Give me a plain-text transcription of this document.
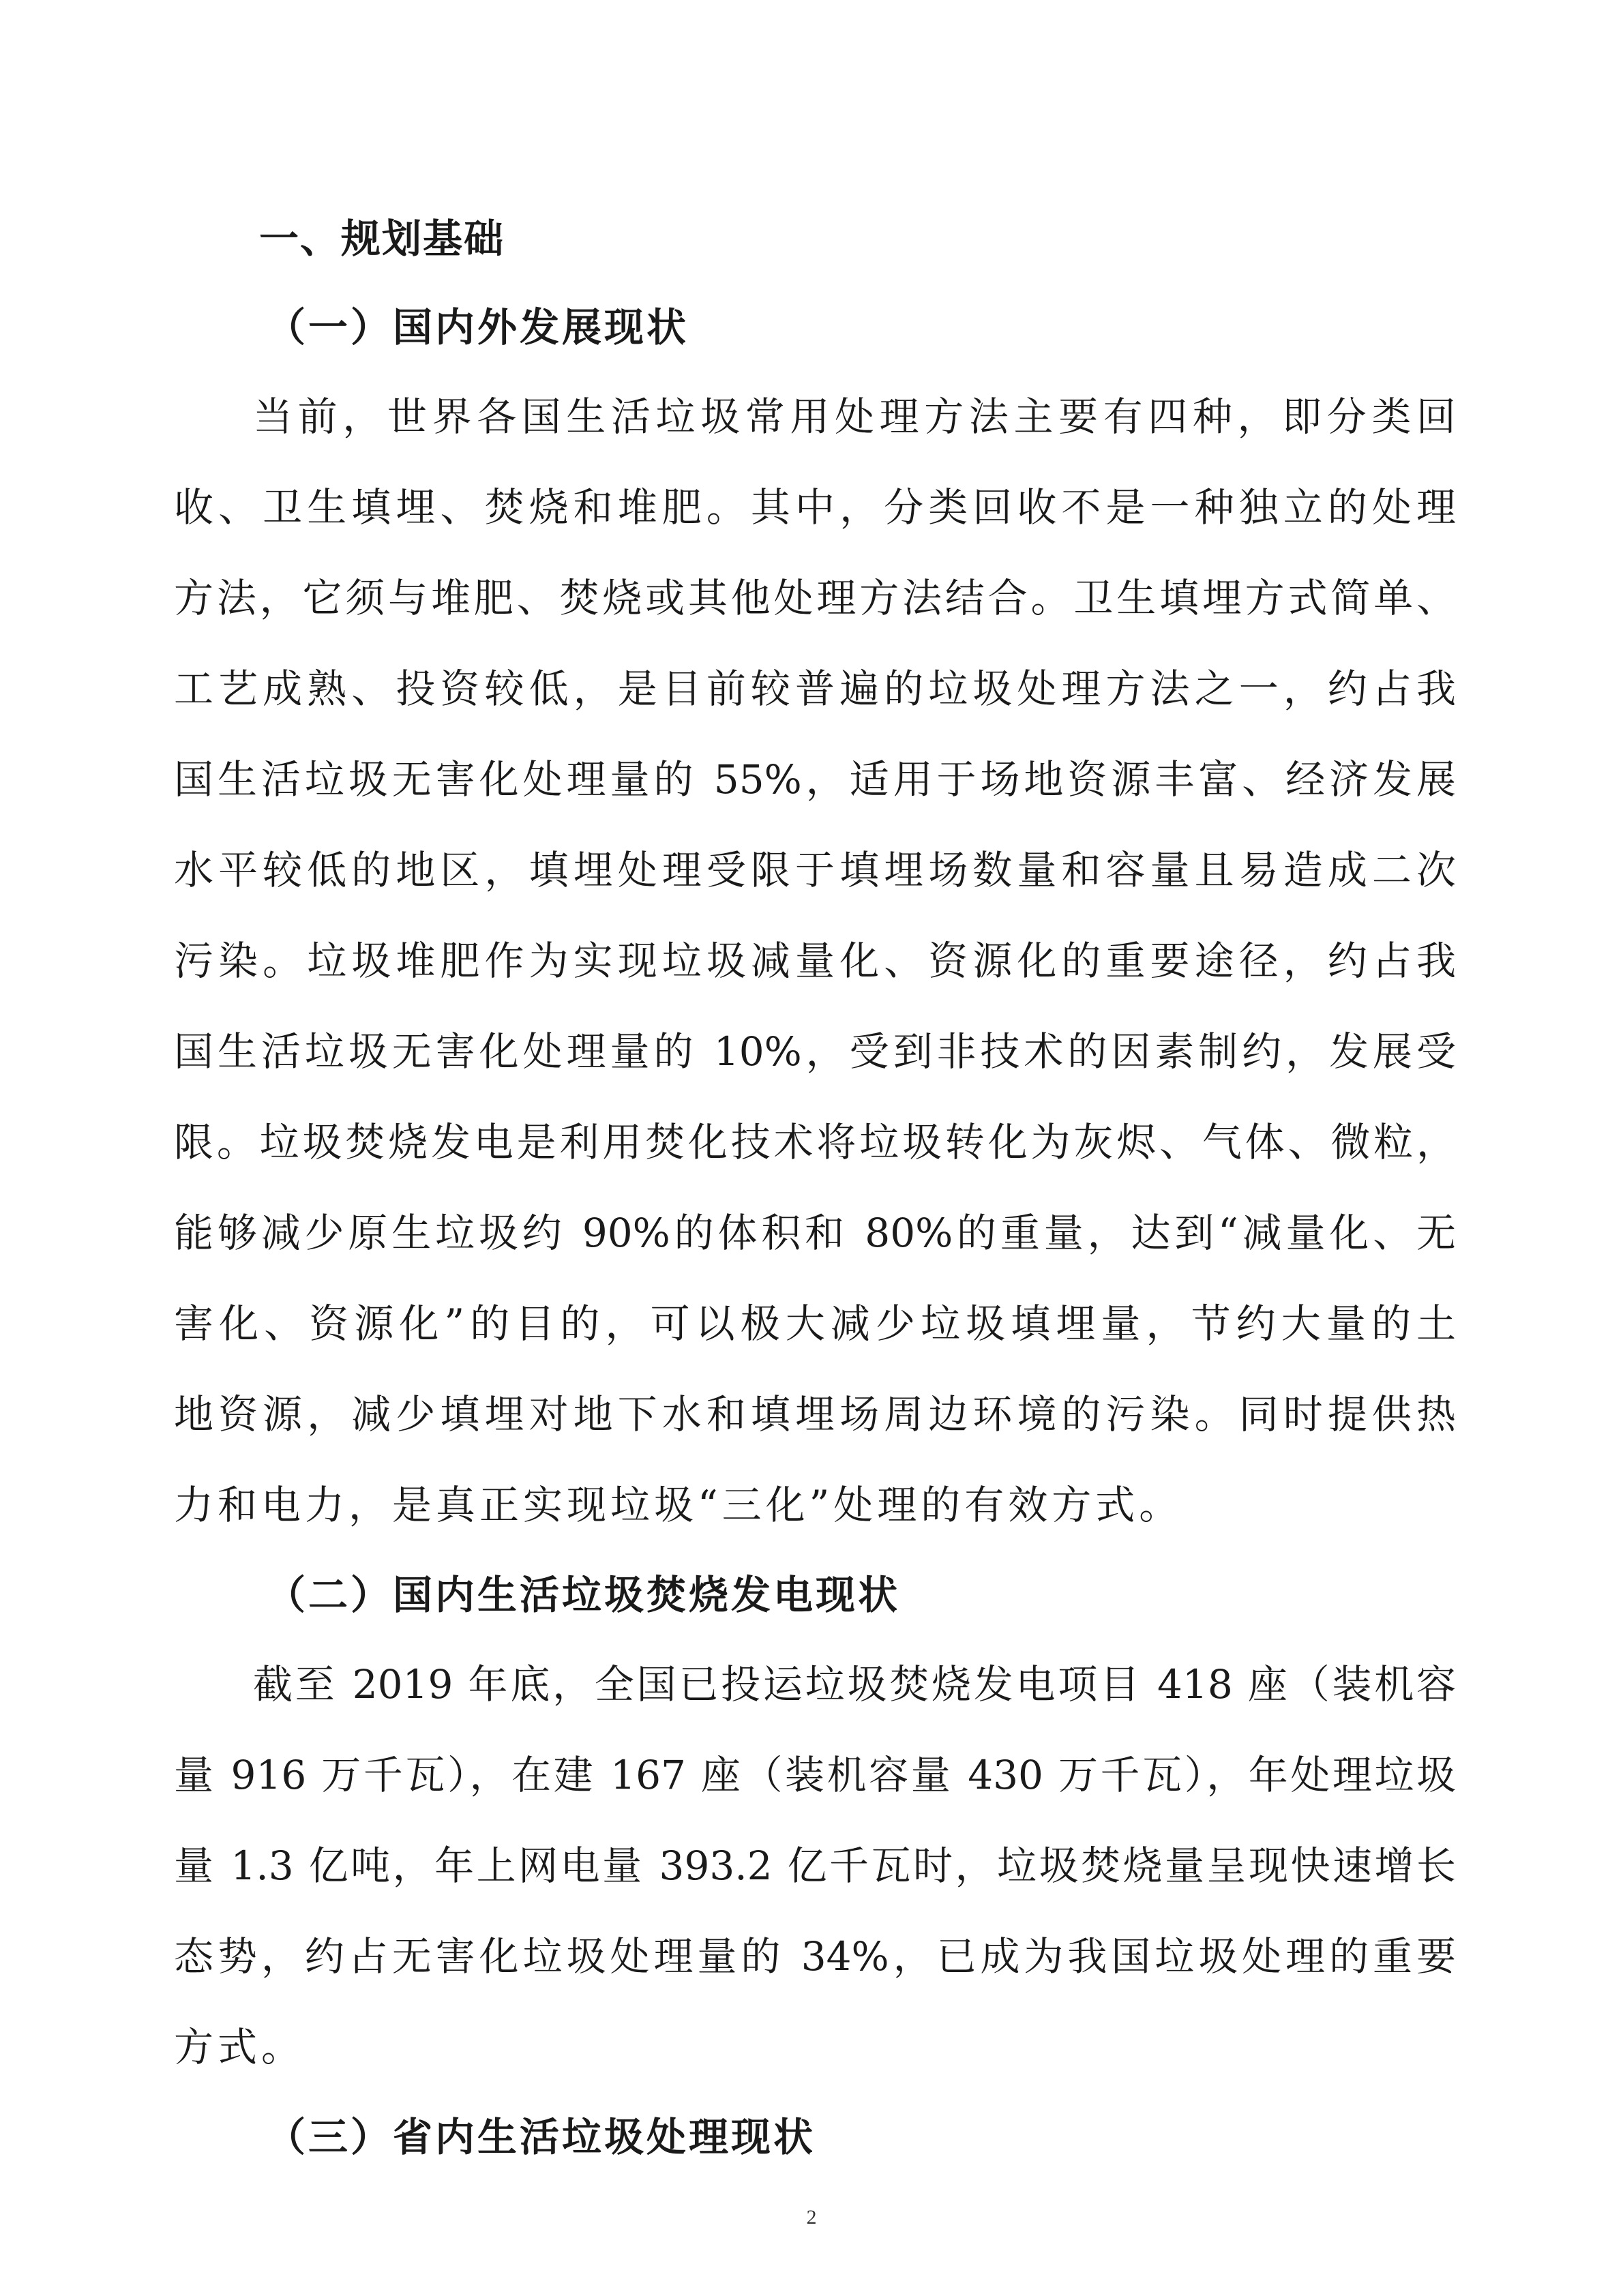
一、规划基础
（一）国内外发展现状
当前，世界各国生活垃圾常用处理方法主要有四种，即分类回
收、卫生填埋、焚烧和堆肥。其中，分类回收不是一种独立的处理
方法，它须与堆肥、焚烧或其他处理方法结合。卫生填埋方式简单、
工艺成熟、投资较低，是目前较普遍的垃圾处理方法之一，约占我
国生活垃圾无害化处理量的 55%，适用于场地资源丰富、经济发展
水平较低的地区，填埋处理受限于填埋场数量和容量且易造成二次
污染。垃圾堆肥作为实现垃圾减量化、资源化的重要途径，约占我
国生活垃圾无害化处理量的 10%，受到非技术的因素制约，发展受
限。垃圾焚烧发电是利用焚化技术将垃圾转化为灰烬、气体、微粒，
能够减少原生垃圾约 90%的体积和 80%的重量，达到“减量化、无
害化、资源化”的目的，可以极大减少垃圾填埋量，节约大量的土
地资源，减少填埋对地下水和填埋场周边环境的污染。同时提供热
力和电力，是真正实现垃圾“三化”处理的有效方式。
（二）国内生活垃圾焚烧发电现状
截至 2019 年底，全国已投运垃圾焚烧发电项目 418 座（装机容
量 916 万千瓦），在建 167 座（装机容量 430 万千瓦），年处理垃圾
量 1.3 亿吨，年上网电量 393.2 亿千瓦时，垃圾焚烧量呈现快速增长
态势，约占无害化垃圾处理量的 34%，已成为我国垃圾处理的重要
方式。
（三）省内生活垃圾处理现状
2
